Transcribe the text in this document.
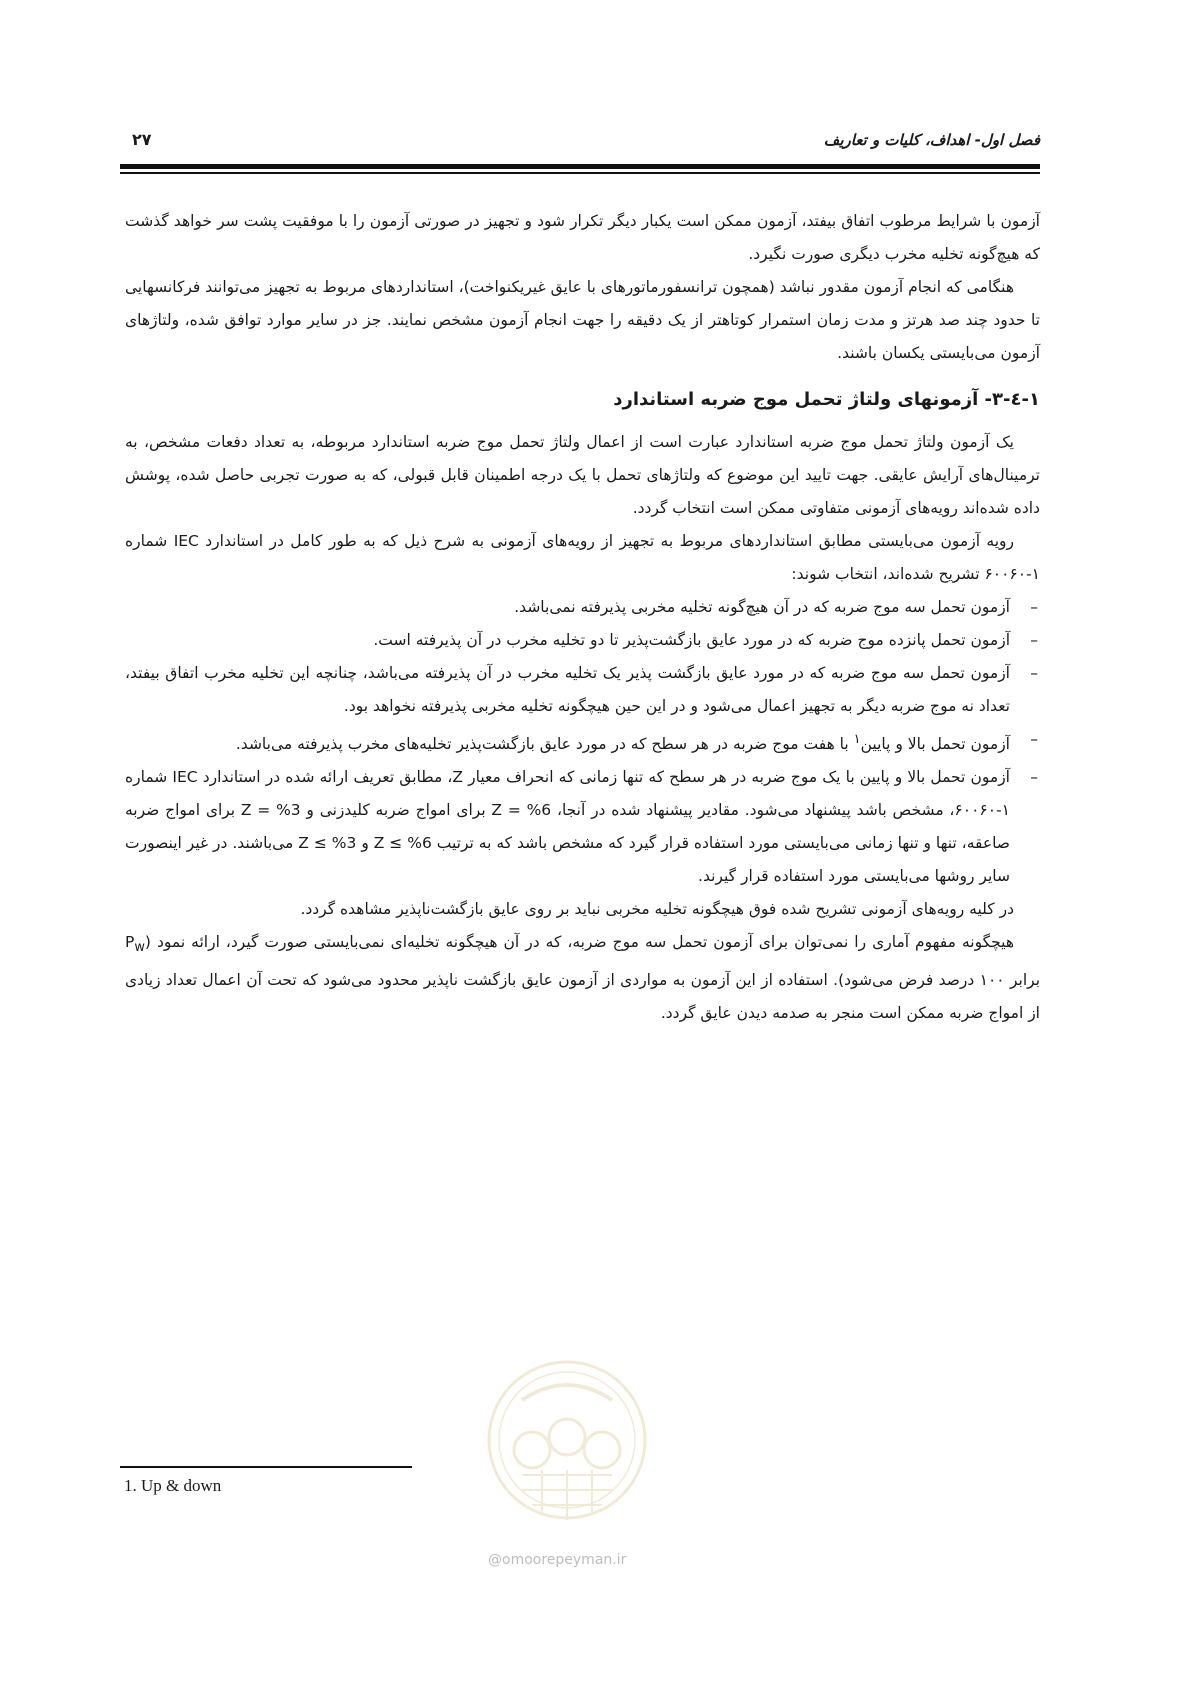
فصل اول- اهداف، کلیات و تعاریف
۲۷

آزمون با شرایط مرطوب اتفاق بیفتد، آزمون ممکن است یکبار دیگر تکرار شود و تجهیز در صورتی آزمون را با موفقیت پشت سر خواهد گذشت که هیچ‌گونه تخلیه مخرب دیگری صورت نگیرد.

هنگامی که انجام آزمون مقدور نباشد (همچون ترانسفورماتورهای با عایق غیریکنواخت)، استانداردهای مربوط به تجهیز می‌توانند فرکانسهایی تا حدود چند صد هرتز و مدت زمان استمرار کوتاهتر از یک دقیقه را جهت انجام آزمون مشخص نمایند. جز در سایر موارد توافق شده، ولتاژهای آزمون می‌بایستی یکسان باشند.

۱-٤-۳- آزمونهای ولتاژ تحمل موج ضربه استاندارد

یک آزمون ولتاژ تحمل موج ضربه استاندارد عبارت است از اعمال ولتاژ تحمل موج ضربه استاندارد مربوطه، به تعداد دفعات مشخص، به ترمینال‌های آرایش عایقی. جهت تایید این موضوع که ولتاژهای تحمل با یک درجه اطمینان قابل قبولی، که به صورت تجربی حاصل شده، پوشش داده شده‌اند رویه‌های آزمونی متفاوتی ممکن است انتخاب گردد.

رویه آزمون می‌بایستی مطابق استانداردهای مربوط به تجهیز از رویه‌های آزمونی به شرح ذیل که به طور کامل در استاندارد IEC شماره ۱-۶۰۰۶۰ تشریح شده‌اند، انتخاب شوند:

– آزمون تحمل سه موج ضربه که در آن هیچ‌گونه تخلیه مخربی پذیرفته نمی‌باشد.
– آزمون تحمل پانزده موج ضربه که در مورد عایق بازگشت‌پذیر تا دو تخلیه مخرب در آن پذیرفته است.
– آزمون تحمل سه موج ضربه که در مورد عایق بازگشت پذیر یک تخلیه مخرب در آن پذیرفته می‌باشد، چنانچه این تخلیه مخرب اتفاق بیفتد، تعداد نه موج ضربه دیگر به تجهیز اعمال می‌شود و در این حین هیچگونه تخلیه مخربی پذیرفته نخواهد بود.
– آزمون تحمل بالا و پایین$^۱$ با هفت موج ضربه در هر سطح که در مورد عایق بازگشت‌پذیر تخلیه‌های مخرب پذیرفته می‌باشد.
– آزمون تحمل بالا و پایین با یک موج ضربه در هر سطح که تنها زمانی که انحراف معیار Z، مطابق تعریف ارائه شده در استاندارد IEC شماره ۱-۶۰۰۶۰، مشخص باشد پیشنهاد می‌شود. مقادیر پیشنهاد شده در آنجا، Z = %6 برای امواج ضربه کلیدزنی و Z = %3 برای امواج ضربه صاعقه، تنها و تنها زمانی می‌بایستی مورد استفاده قرار گیرد که مشخص باشد که به ترتیب Z ≤ %6 و Z ≤ %3 می‌باشند. در غیر اینصورت سایر روشها می‌بایستی مورد استفاده قرار گیرند.

در کلیه رویه‌های آزمونی تشریح شده فوق هیچگونه تخلیه مخربی نباید بر روی عایق بازگشت‌ناپذیر مشاهده گردد.

هیچگونه مفهوم آماری را نمی‌توان برای آزمون تحمل سه موج ضربه، که در آن هیچگونه تخلیه‌ای نمی‌بایستی صورت گیرد، ارائه نمود ($P_w$ برابر ۱۰۰ درصد فرض می‌شود). استفاده از این آزمون به مواردی از آزمون عایق بازگشت ناپذیر محدود می‌شود که تحت آن اعمال تعداد زیادی از امواج ضربه ممکن است منجر به صدمه دیدن عایق گردد.

@omoorepeyman.ir
1. Up & down
